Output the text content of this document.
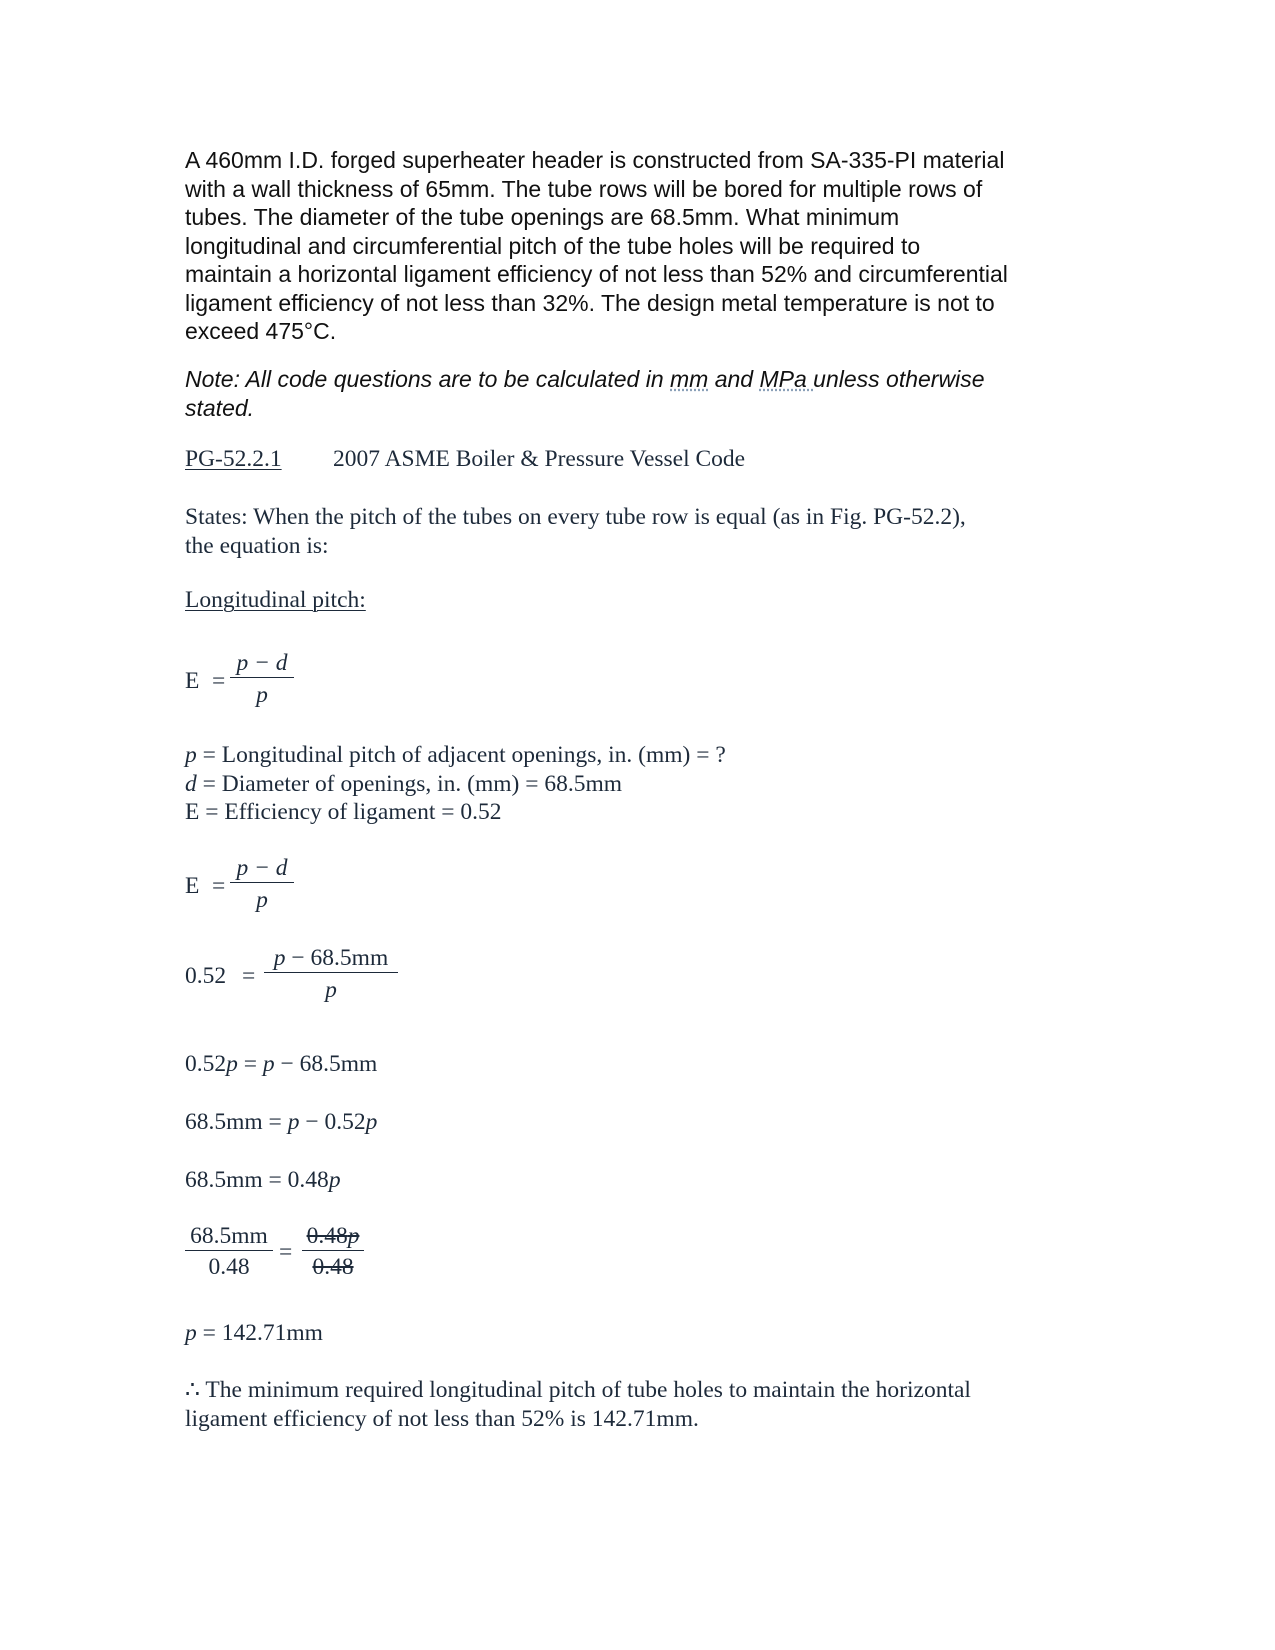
A 460mm I.D. forged superheater header is constructed from SA-335-PI material
with a wall thickness of 65mm. The tube rows will be bored for multiple rows of
tubes. The diameter of the tube openings are 68.5mm. What minimum
longitudinal and circumferential pitch of the tube holes will be required to
maintain a horizontal ligament efficiency of not less than 52% and circumferential
ligament efficiency of not less than 32%. The design metal temperature is not to
exceed 475°C.
Note: All code questions are to be calculated in mm and MPa unless otherwise
stated.
PG-52.2.1 2007 ASME Boiler & Pressure Vessel Code
States: When the pitch of the tubes on every tube row is equal (as in Fig. PG-52.2),
the equation is:
Longitudinal pitch:
E =
p − d
p
p = Longitudinal pitch of adjacent openings, in. (mm) = ?
d = Diameter of openings, in. (mm) = 68.5mm
E = Efficiency of ligament = 0.52
E =
p − d
p
0.52 =
p − 68.5mm
p
0.52p = p − 68.5mm
68.5mm = p − 0.52p
68.5mm = 0.48p
68.5mm
0.48
=
0.48p
0.48
p = 142.71mm
∴ The minimum required longitudinal pitch of tube holes to maintain the horizontal
ligament efficiency of not less than 52% is 142.71mm.
